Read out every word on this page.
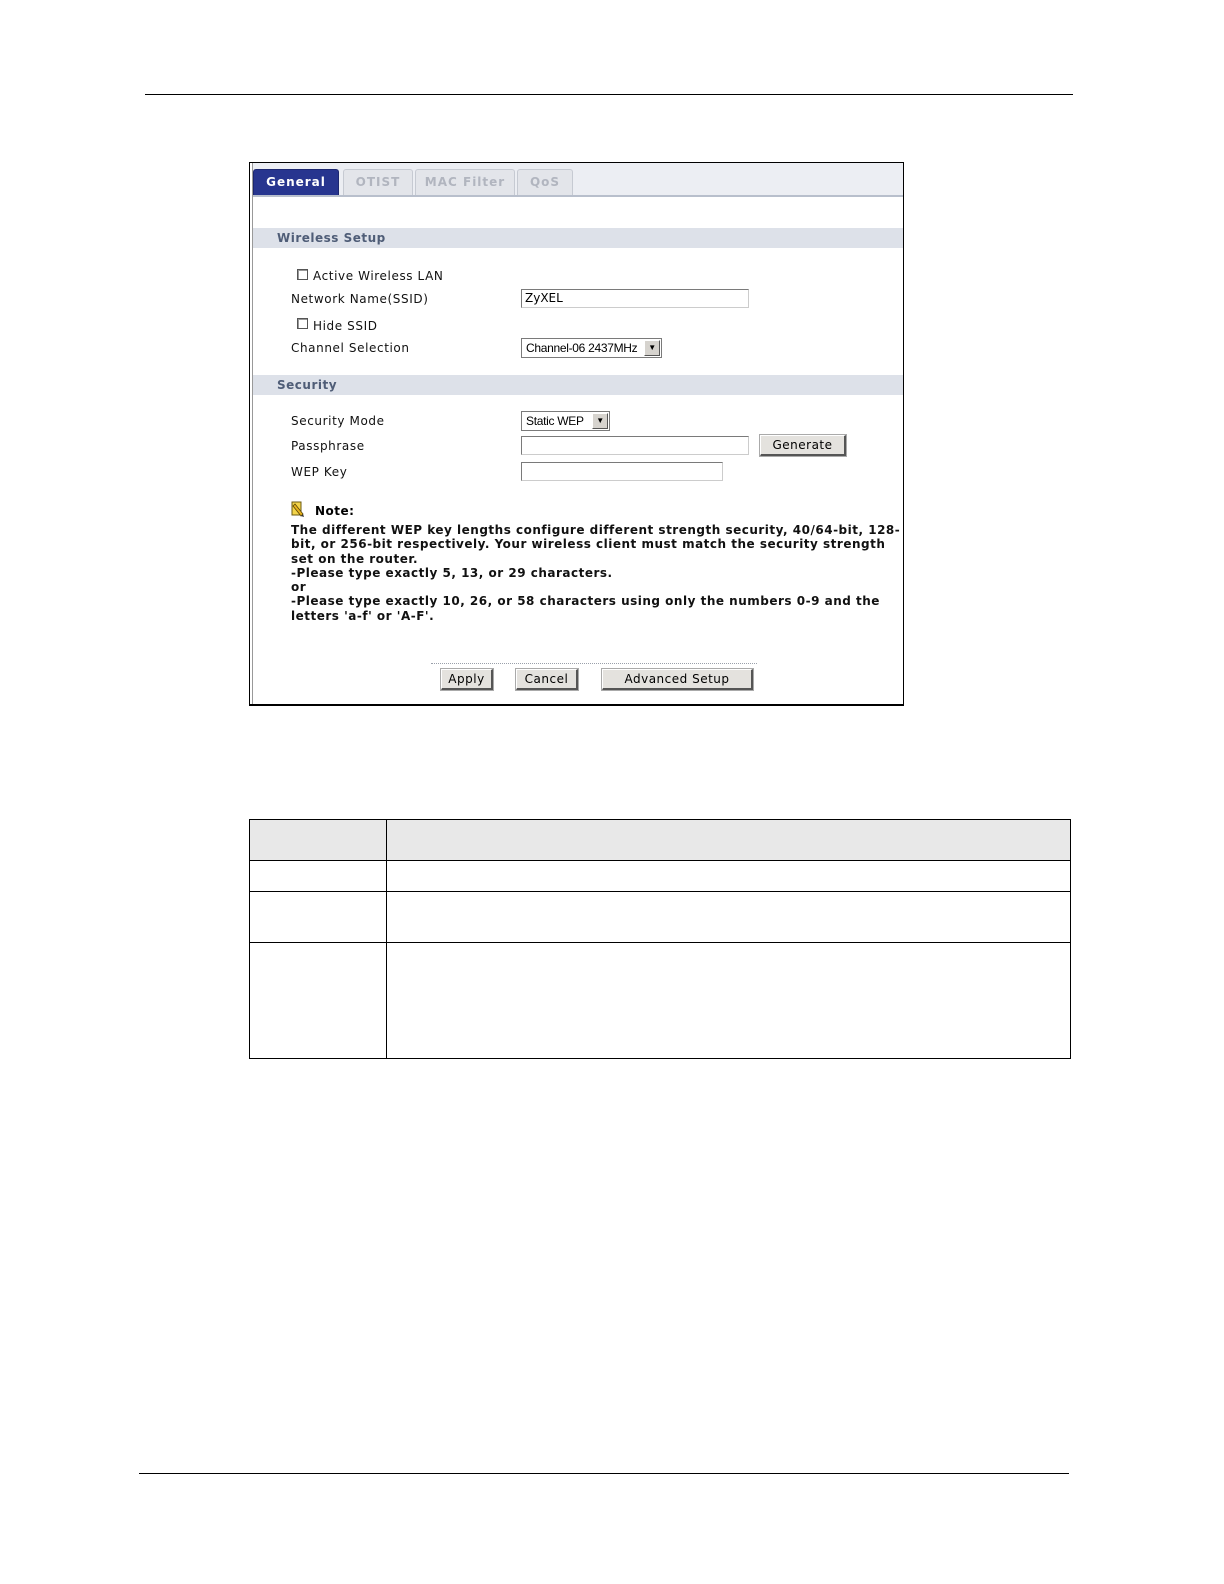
General	OTIST	MAC Filter	QoS
Wireless Setup
Active Wireless LAN
Network Name(SSID)	ZyXEL
Hide SSID
Channel Selection	Channel-06 2437MHz	▼
Security
Security Mode	Static WEP	▼
Passphrase	Generate
WEP Key
Note:
The different WEP key lengths configure different strength security, 40/64-bit, 128-
bit, or 256-bit respectively. Your wireless client must match the security strength
set on the router.
-Please type exactly 5, 13, or 29 characters.
or
-Please type exactly 10, 26, or 58 characters using only the numbers 0-9 and the
letters 'a-f' or 'A-F'.
Apply	Cancel	Advanced Setup
